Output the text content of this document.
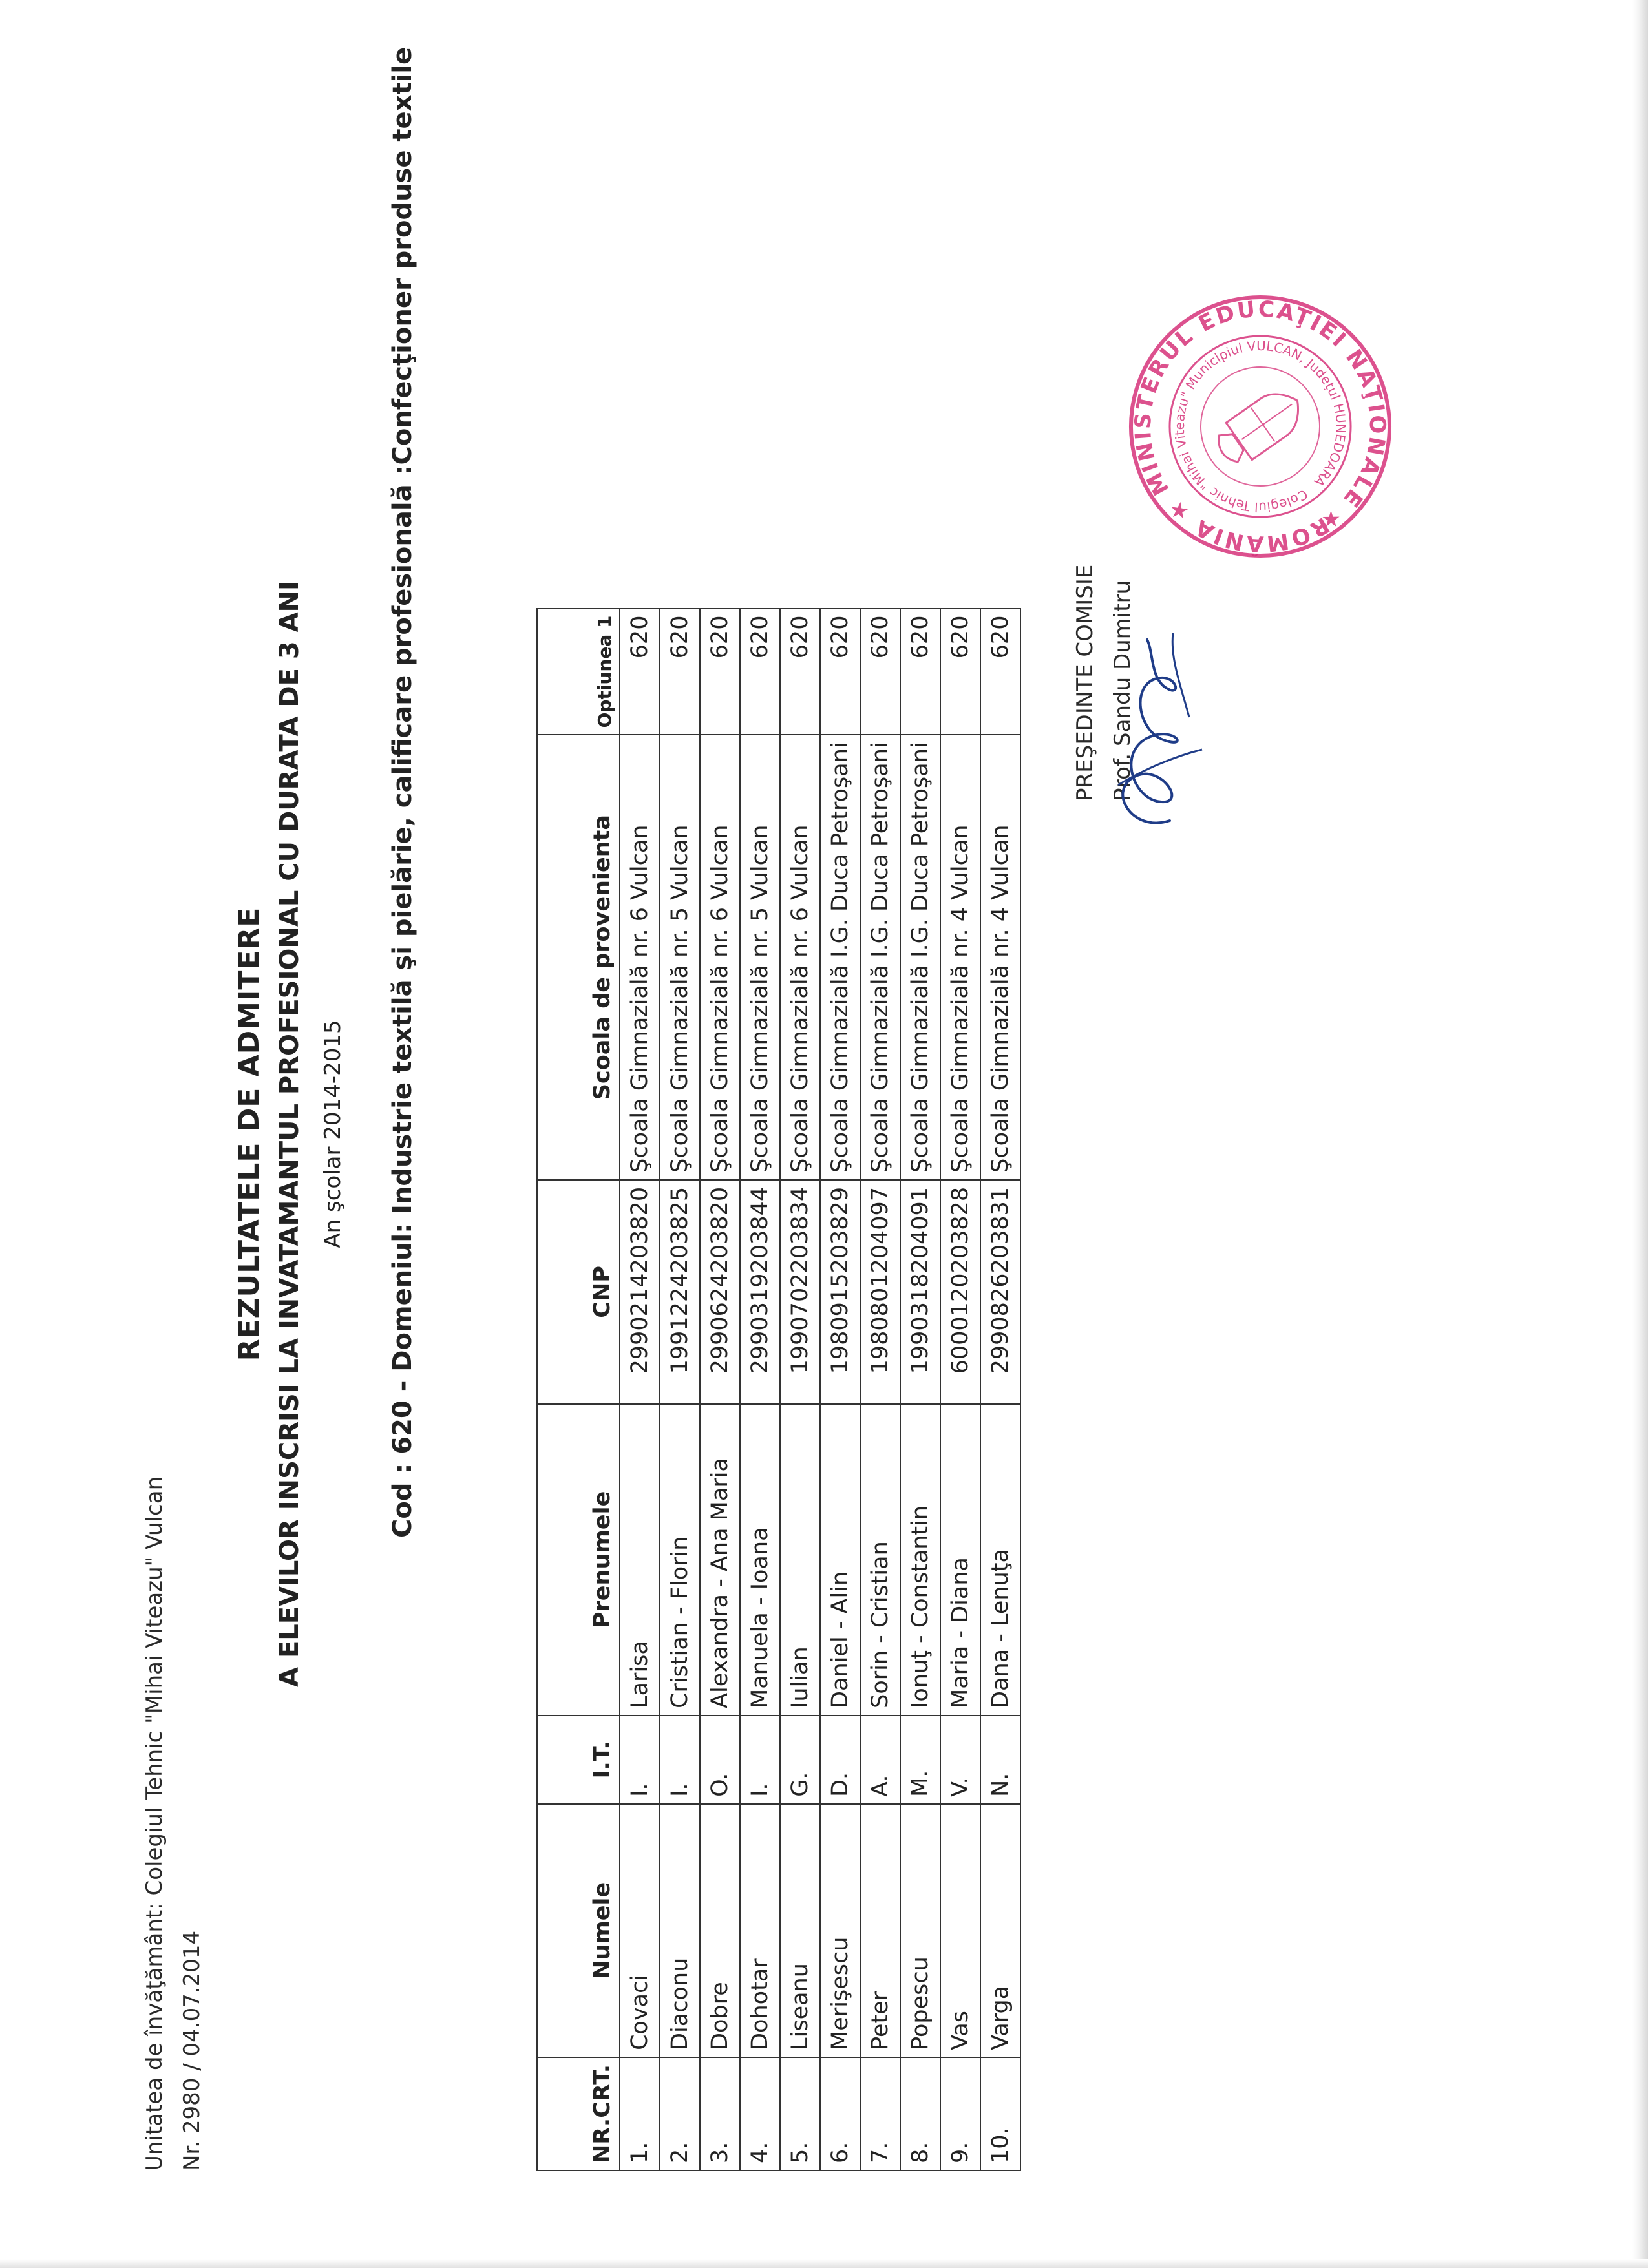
Unitatea de învăţământ: Colegiul Tehnic "Mihai Viteazu" Vulcan Nr. 2980 / 04.07.2014
REZULTATELE DE ADMITERE A ELEVILOR INSCRISI LA INVATAMANTUL PROFESIONAL CU DURATA DE 3 ANI An şcolar 2014-2015 Cod : 620 - Domeniul: Industrie textilă şi pielărie, calificare profesională :Confecţioner produse textile
NR.CRT.	Numele	I.T.	Prenumele	CNP	Scoala de provenienta	Optiunea 1
1.	Covaci	I.	Larisa	2990214203820	Şcoala Gimnazială nr. 6 Vulcan	620
2.	Diaconu	I.	Cristian - Florin	1991224203825	Şcoala Gimnazială nr. 5 Vulcan	620
3.	Dobre	O.	Alexandra - Ana Maria	2990624203820	Şcoala Gimnazială nr. 6 Vulcan	620
4.	Dohotar	I.	Manuela - Ioana	2990319203844	Şcoala Gimnazială nr. 5 Vulcan	620
5.	Liseanu	G.	Iulian	1990702203834	Şcoala Gimnazială nr. 6 Vulcan	620
6.	Merişescu	D.	Daniel - Alin	1980915203829	Şcoala Gimnazială I.G. Duca Petroşani	620
7.	Peter	A.	Sorin - Cristian	1980801204097	Şcoala Gimnazială I.G. Duca Petroşani	620
8.	Popescu	M.	Ionuţ - Constantin	1990318204091	Şcoala Gimnazială I.G. Duca Petroşani	620
9.	Vas	V.	Maria - Diana	6000120203828	Şcoala Gimnazială nr. 4 Vulcan	620
10.	Varga	N.	Dana - Lenuţa	2990826203831	Şcoala Gimnazială nr. 4 Vulcan	620	PREŞEDINTE COMISIE Prof. Sandu Dumitru
ROMÂNIA ★ MINISTERUL EDUCAŢIEI NAŢIONALE ★
Colegiul Tehnic "Mihai Viteazu" Municipiul VULCAN, Judeţul HUNEDOARA
